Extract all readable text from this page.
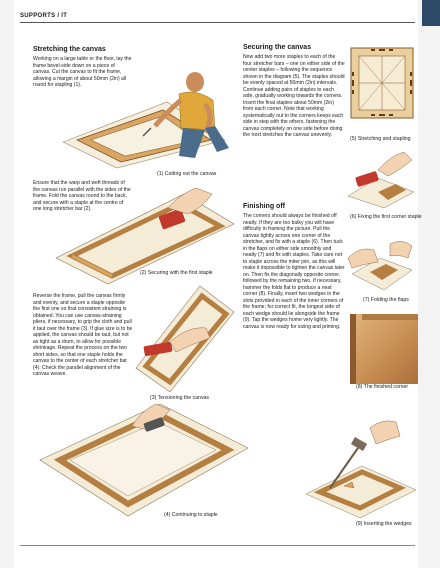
SUPPORTS / IT
Stretching the canvas
Working on a large table or the floor, lay the frame bevel-side down on a piece of canvas. Cut the canvas to fit the frame, allowing a margin of about 50mm (2in) all round for stapling (1).
(1) Cutting out the canvas
Ensure that the warp and weft threads of the canvas run parallel with the sides of the frame. Fold the canvas round to the back, and secure with a staple at the centre of one long stretcher bar (2).
(2) Securing with the first staple
Reverse the frame, pull the canvas firmly and evenly, and secure a staple opposite the first one so that consistent straining is obtained. You can use canvas-straining pliers, if necessary, to grip the cloth and pull it taut over the frame (3). If glue size is to be applied, the canvas should be taut, but not as tight as a drum, to allow for possible shrinkage. Repeat the process on the two short sides, so that one staple holds the canvas to the center of each stretcher bar (4). Check the parallel alignment of the canvas weave.
(3) Tensioning the canvas
(4) Continuing to staple
Securing the canvas
Now add two more staples to each of the four stretcher bars – one on either side of the center staples – following the sequence shown in the diagram (5). The staples should be evenly spaced at 50mm (2in) intervals. Continue adding pairs of staples to each side, gradually working towards the corners. Insert the final staples about 50mm (2in) from each corner. Note that working systematically out to the corners keeps each side in step with the others, fastening the canvas completely on one side before doing the next stretches the canvas unevenly.
Finishing off
The corners should always be finished off neatly. If they are too bulky you will have difficulty in framing the picture. Pull the canvas tightly across one corner of the stretcher, and fix with a staple (6). Then tuck in the flaps on either side smoothly and neatly (7) and fix with staples. Take care not to staple across the miter join, as this will make it impossible to tighten the canvas later on. Then fix the diagonally opposite corner, followed by the remaining two. If necessary, hammer the folds flat to produce a neat corner (8). Finally, insert two wedges in the slots provided in each of the inner corners of the frame; for correct fit, the longest side of each wedge should lie alongside the frame (9). Tap the wedges home very lightly. The canvas is now ready for sizing and priming.
(5) Stretching and stapling
(6) Fixing the first corner staple
(7) Folding the flaps
(8) The finished corner
(9) Inserting the wedges
